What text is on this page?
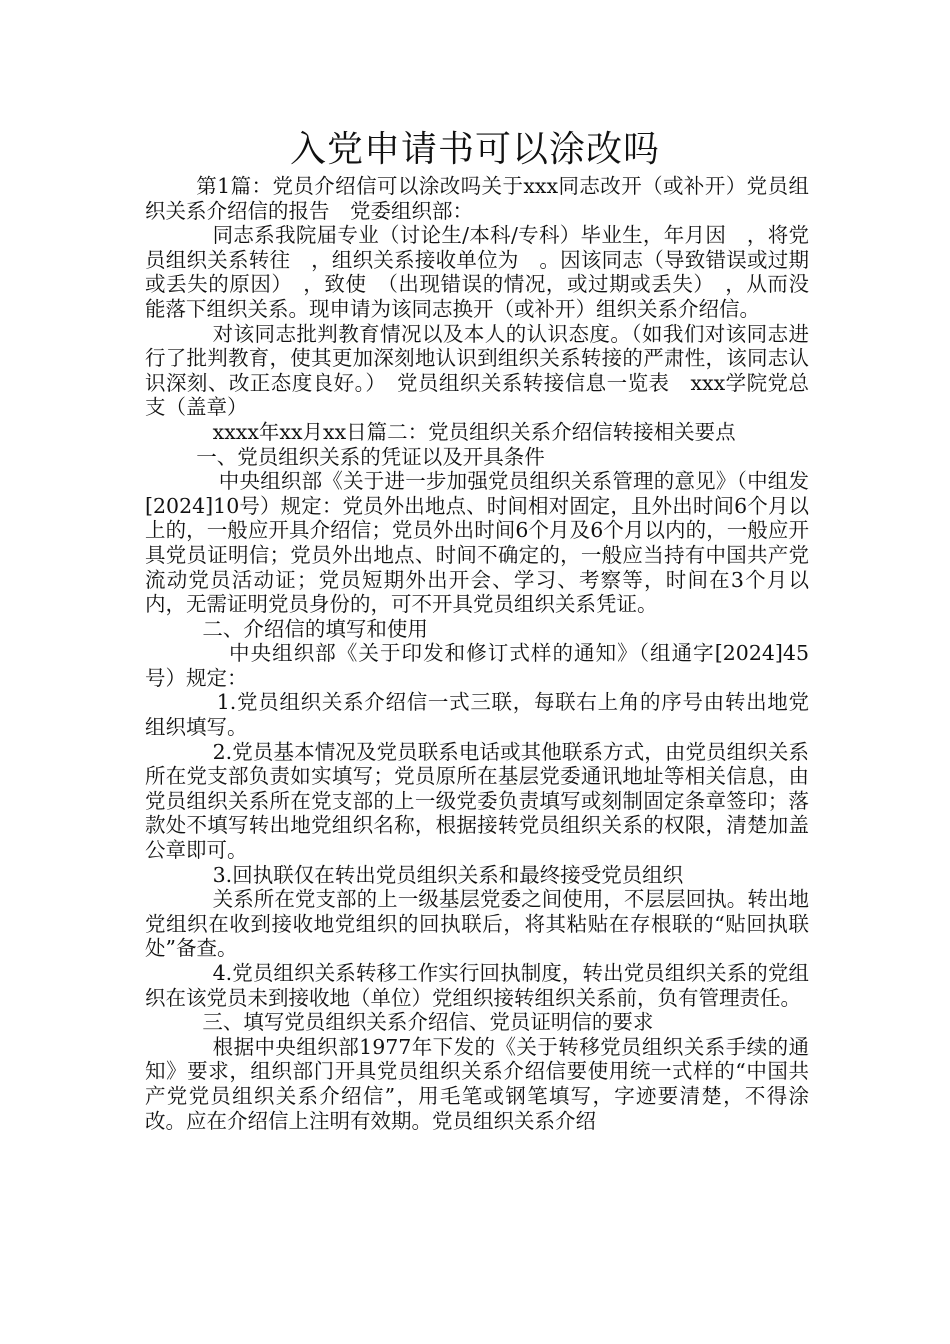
入党申请书可以涂改吗

第1篇：党员介绍信可以涂改吗关于xxx同志改开（或补开）党员组织关系介绍信的报告　党委组织部：

同志系我院届专业（讨论生/本科/专科）毕业生，年月因　，将党员组织关系转往　，组织关系接收单位为　。因该同志（导致错误或过期或丢失的原因）　，致使　（出现错误的情况，或过期或丢失）　，从而没能落下组织关系。现申请为该同志换开（或补开）组织关系介绍信。

对该同志批判教育情况以及本人的认识态度。（如我们对该同志进行了批判教育，使其更加深刻地认识到组织关系转接的严肃性，该同志认识深刻、改正态度良好。）　党员组织关系转接信息一览表　xxx学院党总支（盖章）

xxxx年xx月xx日篇二：党员组织关系介绍信转接相关要点

一、党员组织关系的凭证以及开具条件

中央组织部《关于进一步加强党员组织关系管理的意见》（中组发[2024]10号）规定：党员外出地点、时间相对固定，且外出时间6个月以上的，一般应开具介绍信；党员外出时间6个月及6个月以内的，一般应开具党员证明信；党员外出地点、时间不确定的，一般应当持有中国共产党流动党员活动证；党员短期外出开会、学习、考察等，时间在3个月以内，无需证明党员身份的，可不开具党员组织关系凭证。

二、介绍信的填写和使用

中央组织部《关于印发和修订式样的通知》（组通字[2024]45号）规定：

1.党员组织关系介绍信一式三联，每联右上角的序号由转出地党组织填写。

2.党员基本情况及党员联系电话或其他联系方式，由党员组织关系所在党支部负责如实填写；党员原所在基层党委通讯地址等相关信息，由党员组织关系所在党支部的上一级党委负责填写或刻制固定条章签印；落款处不填写转出地党组织名称，根据接转党员组织关系的权限，清楚加盖公章即可。

3.回执联仅在转出党员组织关系和最终接受党员组织

关系所在党支部的上一级基层党委之间使用，不层层回执。转出地党组织在收到接收地党组织的回执联后，将其粘贴在存根联的“贴回执联处”备查。

4.党员组织关系转移工作实行回执制度，转出党员组织关系的党组织在该党员未到接收地（单位）党组织接转组织关系前，负有管理责任。

三、填写党员组织关系介绍信、党员证明信的要求

根据中央组织部1977年下发的《关于转移党员组织关系手续的通知》要求，组织部门开具党员组织关系介绍信要使用统一式样的“中国共产党党员组织关系介绍信”，用毛笔或钢笔填写，字迹要清楚，不得涂改。应在介绍信上注明有效期。党员组织关系介绍
